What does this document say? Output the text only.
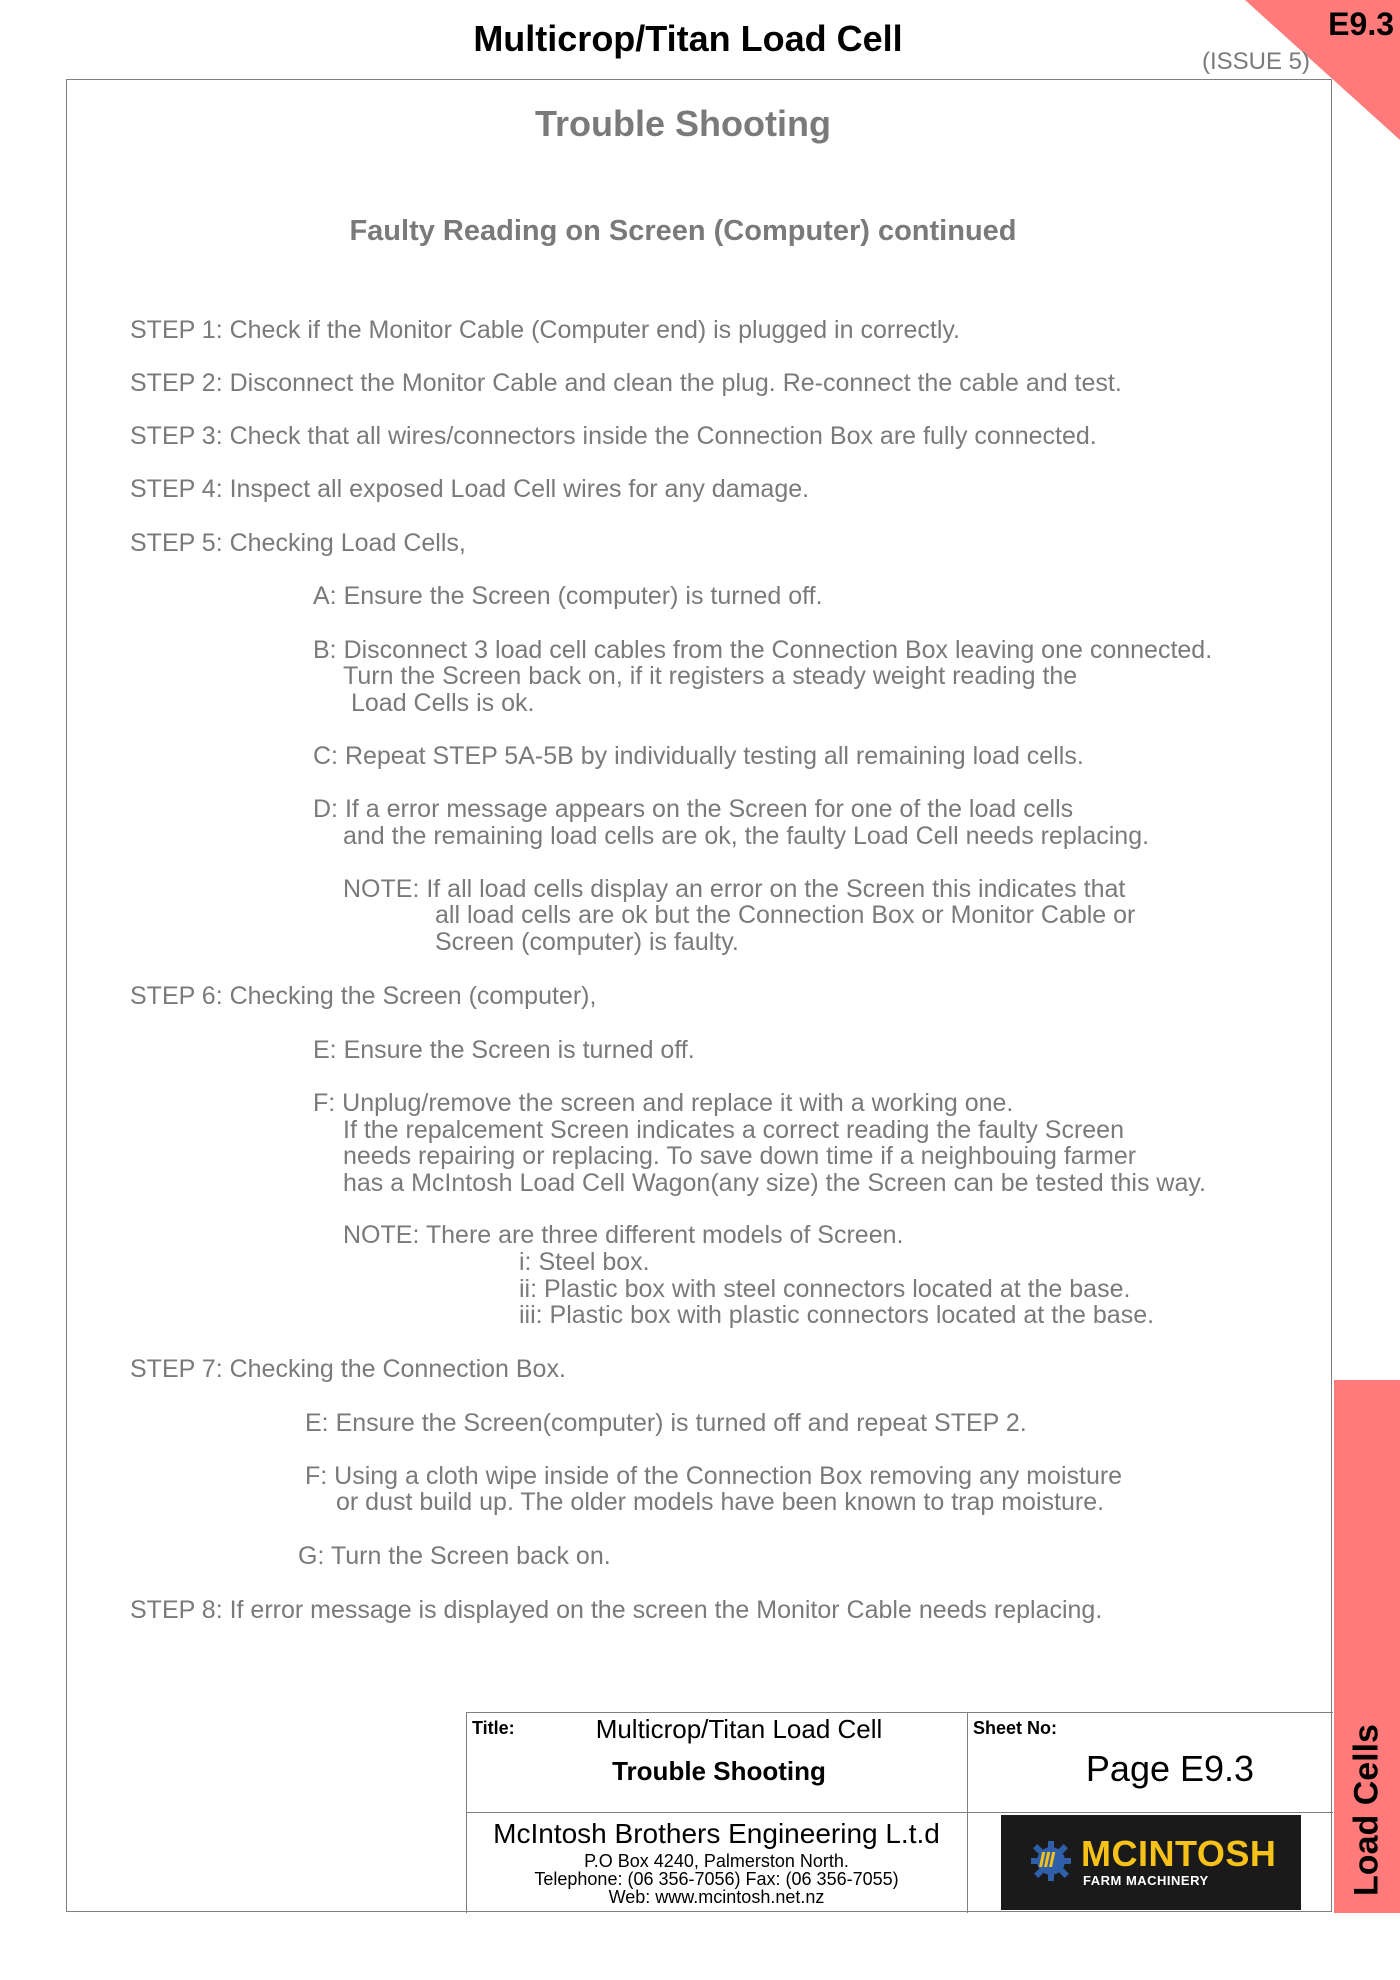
E9.3
Multicrop/Titan Load Cell
(ISSUE 5)
Trouble Shooting
Faulty Reading on Screen (Computer) continued
STEP 1: Check if the Monitor Cable (Computer end) is plugged in correctly.
STEP 2: Disconnect the Monitor Cable and clean the plug. Re-connect the cable and test.
STEP 3: Check that all wires/connectors inside the Connection Box are fully connected.
STEP 4: Inspect all exposed Load Cell wires for any damage.
STEP 5: Checking Load Cells,
A: Ensure the Screen (computer) is turned off.
B: Disconnect 3 load cell cables from the Connection Box leaving one connected.
Turn the Screen back on, if it registers a steady weight reading the
Load Cells is ok.
C: Repeat STEP 5A-5B by individually testing all remaining load cells.
D: If a error message appears on the Screen for one of the load cells
and the remaining load cells are ok, the faulty Load Cell needs replacing.
NOTE: If all load cells display an error on the Screen this indicates that
all load cells are ok but the Connection Box or Monitor Cable or
Screen (computer) is faulty.
STEP 6: Checking the Screen (computer),
E: Ensure the Screen is turned off.
F: Unplug/remove the screen and replace it with a working one.
If the repalcement Screen indicates a correct reading the faulty Screen
needs repairing or replacing. To save down time if a neighbouing farmer
has a McIntosh Load Cell Wagon(any size) the Screen can be tested this way.
NOTE: There are three different models of Screen.
i: Steel box.
ii: Plastic box with steel connectors located at the base.
iii: Plastic box with plastic connectors located at the base.
STEP 7: Checking the Connection Box.
E: Ensure the Screen(computer) is turned off and repeat STEP 2.
F: Using a cloth wipe inside of the Connection Box removing any moisture
or dust build up. The older models have been known to trap moisture.
G: Turn the Screen back on.
STEP 8: If error message is displayed on the screen the Monitor Cable needs replacing.
Load Cells
Title:	Multicrop/Titan Load Cell
Trouble Shooting
Sheet No:
Page E9.3
McIntosh Brothers Engineering L.t.d
P.O Box 4240, Palmerston North.
Telephone: (06 356-7056) Fax: (06 356-7055)
Web: www.mcintosh.net.nz
MCINTOSH
FARM MACHINERY
